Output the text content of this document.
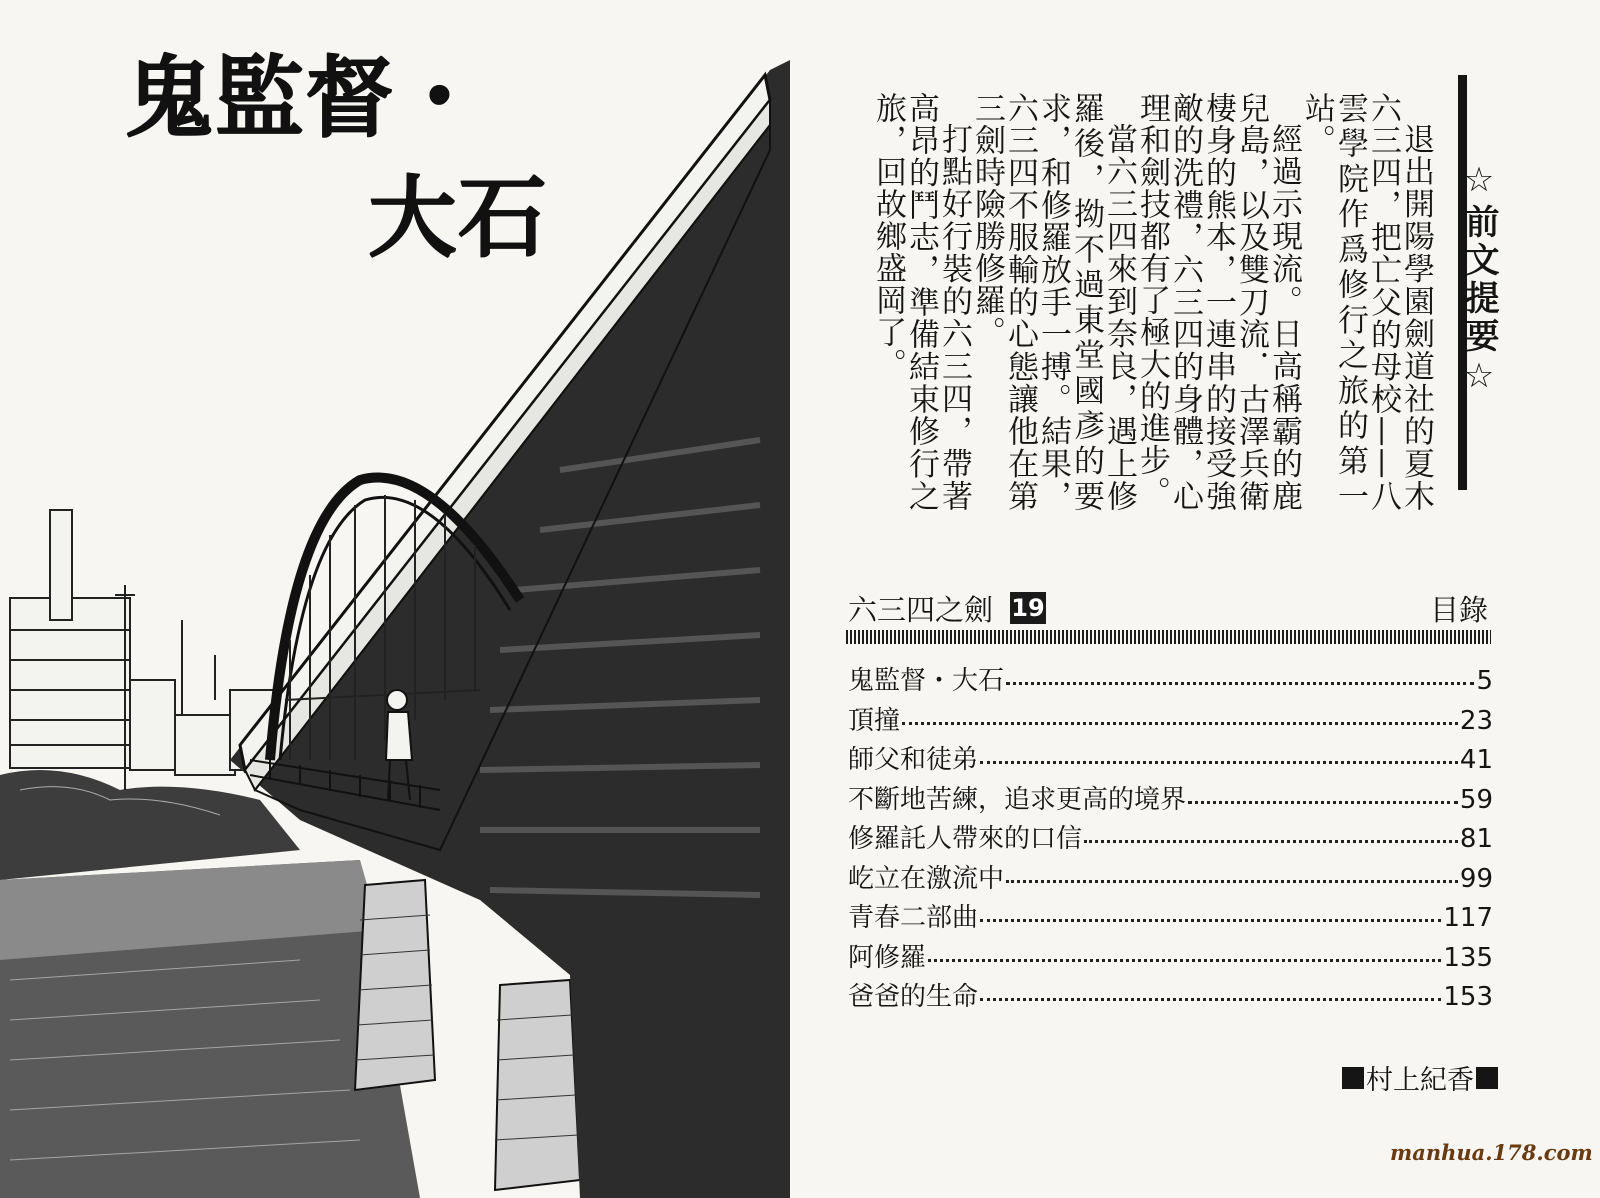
鬼監督・
大石	☆前文提要☆

退出開陽學園劍道社的夏木六三四，把亡父的母校——八雲學院作爲修行之旅的第一站。

經過示現流。日高稱霸的鹿兒島，以及雙刀流．古澤兵衛棲身的熊本，一連串的接受強敵的洗禮，六三四的身體，心理和劍技都有了極大的進步。

當六三四來到奈良，遇上修羅後，拗不過東堂國彥的要求，和修羅放手一搏。結果，六三四不服輸的心態讓他在第三劍時險勝修羅。

打點好行裝的六三四，帶著高昂的鬥志，準備結束修行之旅，回故鄉盛岡了。

六三四之劍 19	目錄
鬼監督・大石	5
頂撞	23
師父和徒弟	41
不斷地苦練，追求更高的境界	59
修羅託人帶來的口信	81
屹立在激流中	99
青春二部曲	117
阿修羅	135
爸爸的生命	153
村上紀香
manhua.178.com
